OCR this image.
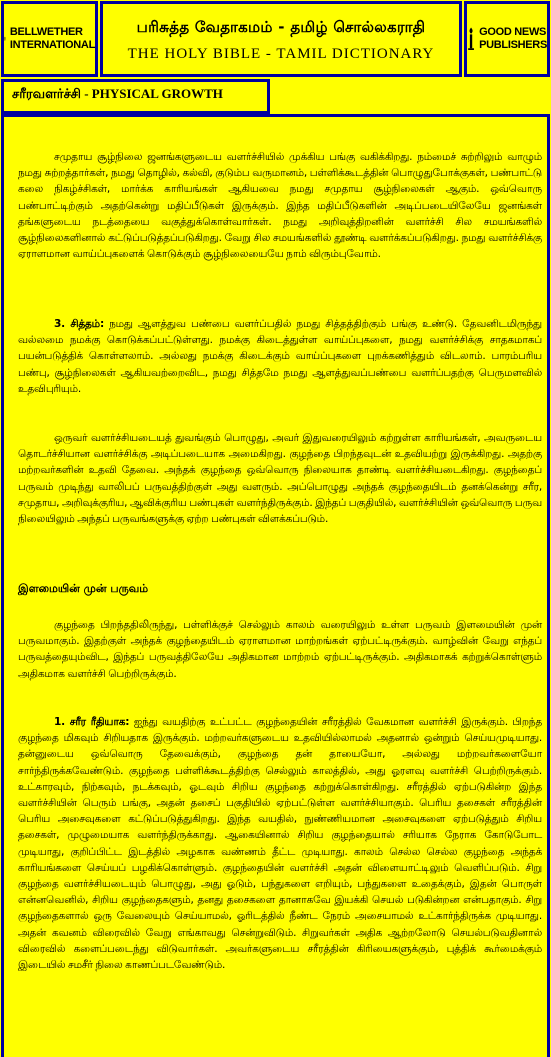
BELLWETHER
INTERNATIONAL
பரிசுத்த வேதாகமம் - தமிழ் சொல்லகராதி
THE HOLY BIBLE - TAMIL DICTIONARY
GOOD NEWS
PUBLISHERS
சரீரவளர்ச்சி - PHYSICAL GROWTH
சமுதாய சூழ்நிலை ஜனங்களுடைய வளர்ச்சியில் முக்கிய பங்கு வகிக்கிறது. நம்மைச் சுற்றிலும் வாழும் நமது சுற்றத்தார்கள், நமது தொழில், கல்வி, குடும்ப வருமானம், பள்ளிக்கூடத்தின் பொழுதுபோக்குகள், பண்பாட்டு கலை நிகழ்ச்சிகள், மார்க்க காரியங்கள் ஆகியவை நமது சமுதாய சூழ்நிலைகள் ஆகும். ஒவ்வொரு பண்பாட்டிற்கும் அதற்கென்று மதிப்பீடுகள் இருக்கும். இந்த மதிப்பீடுகளின் அடிப்படையிலேயே ஜனங்கள் தங்களுடைய நடத்தையை வகுத்துக்கொள்வார்கள். நமது அறிவுத்திறனின் வளர்ச்சி சில சமயங்களில் சூழ்நிலைகளினால் கட்டுப்படுத்தப்படுகிறது. வேறு சில சமயங்களில் தூண்டி வளர்க்கப்படுகிறது. நமது வளர்ச்சிக்கு ஏராளமான வாய்ப்புகளைக் கொடுக்கும் சூழ்நிலையையே நாம் விரும்புவோம்.
3. சித்தம்: நமது ஆளத்துவ பண்பை வளர்ப்பதில் நமது சித்தத்திற்கும் பங்கு உண்டு. தேவனிடமிருந்து வல்லமை நமக்கு கொடுக்கப்பட்டுள்ளது. நமக்கு கிடைத்துள்ள வாய்ப்புகளை, நமது வளர்ச்சிக்கு சாதகமாகப் பயன்படுத்திக் கொள்ளலாம். அல்லது நமக்கு கிடைக்கும் வாய்ப்புகளை புறக்கணித்தும் விடலாம். பாரம்பரிய பண்பு, சூழ்நிலைகள் ஆகியவற்றைவிட, நமது சித்தமே நமது ஆளத்துவப்பண்பை வளர்ப்பதற்கு பெருமளவில் உதவிபுரியும்.
ஒருவர் வளர்ச்சியடையத் துவங்கும் பொழுது, அவர் இதுவரையிலும் கற்றுள்ள காரியங்கள், அவருடைய தொடர்ச்சியான வளர்ச்சிக்கு அடிப்படையாக அமைகிறது. குழந்தை பிறந்தவுடன் உதவியற்று இருக்கிறது. அதற்கு மற்றவர்களின் உதவி தேவை. அந்தக் குழந்தை ஒவ்வொரு நிலையாக தாண்டி வளர்ச்சியடைகிறது. குழந்தைப் பருவம் முடிந்து வாலிபப் பருவத்திற்குள் அது வளரும். அப்பொழுது அந்தக் குழந்தையிடம் தனக்கென்று சரீர, சமுதாய, அறிவுக்குரிய, ஆவிக்குரிய பண்புகள் வளர்ந்திருக்கும். இந்தப் பகுதியில், வளர்ச்சியின் ஒவ்வொரு பருவ நிலையிலும் அந்தப் பருவங்களுக்கு ஏற்ற பண்புகள் விளக்கப்படும்.
இளமையின் முன் பருவம்
குழந்தை பிறந்ததிலிருந்து, பள்ளிக்குச் செல்லும் காலம் வரையிலும் உள்ள பருவம் இளமையின் முன் பருவமாகும். இதற்குள் அந்தக் குழந்தையிடம் ஏராளமான மாற்றங்கள் ஏற்பட்டிருக்கும். வாழ்வின் வேறு எந்தப் பருவத்தையும்விட, இந்தப் பருவத்திலேயே அதிகமான மாற்றம் ஏற்பட்டிருக்கும். அதிகமாகக் கற்றுக்கொள்ளும் அதிகமாக வளர்ச்சி பெற்றிருக்கும்.
1. சரீர ரீதியாக: ஐந்து வயதிற்கு உட்பட்ட குழந்தையின் சரீரத்தில் வேகமான வளர்ச்சி இருக்கும். பிறந்த குழந்தை மிகவும் சிறியதாக இருக்கும். மற்றவர்களுடைய உதவியில்லாமல் அதனால் ஒன்றும் செய்யமுடியாது. தன்னுடைய ஒவ்வொரு தேவைக்கும், குழந்தை தன் தாயையோ, அல்லது மற்றவர்களையோ சார்ந்திருக்கவேண்டும். குழந்தை பள்ளிக்கூடத்திற்கு செல்லும் காலத்தில், அது ஓரளவு வளர்ச்சி பெற்றிருக்கும். உட்காரவும், நிற்கவும், நடக்கவும், ஓடவும் சிறிய குழந்தை கற்றுக்கொள்கிறது. சரீரத்தில் ஏற்படுகின்ற இந்த வளர்ச்சியின் பெரும் பங்கு, அதன் தசைப் பகுதியில் ஏற்பட்டுள்ள வளர்ச்சியாகும். பெரிய தசைகள் சரீரத்தின் பெரிய அசைவுகளை கட்டுப்படுத்துகிறது. இந்த வயதில், நுண்ணியமான அசைவுகளை ஏற்படுத்தும் சிறிய தசைகள், முழுமையாக வளர்ந்திருக்காது. ஆகையினால் சிறிய குழந்தையால் சரியாக நேராக கோடுபோட முடியாது, குறிப்பிட்ட இடத்தில் அழகாக வண்ணம் தீட்ட முடியாது. காலம் செல்ல செல்ல குழந்தை அந்தக் காரியங்களை செய்யப் பழகிக்கொள்ளும். குழந்தையின் வளர்ச்சி அதன் விளையாட்டிலும் வெளிப்படும். சிறு குழந்தை வளர்ச்சியடையும் பொழுது, அது ஓடும், பந்துகளை எறியும், பந்துகளை உதைக்கும், இதன் பொருள் என்னவெனில், சிறிய குழந்தைகளும், தனது தசைகளை தானாகவே இயக்கி செயல் படுகின்றன என்பதாகும். சிறு குழந்தைகளால் ஒரு வேலையும் செய்யாமல், ஓரிடத்தில் நீண்ட நேரம் அசையாமல் உட்கார்ந்திருக்க முடியாது. அதன் கவனம் விரைவில் வேறு எங்காவது சென்றுவிடும். சிறுவர்கள் அதிக ஆற்றலோடு செயல்படுவதினால் விரைவில் களைப்படைந்து விடுவார்கள். அவர்களுடைய சரீரத்தின் கிரியைகளுக்கும், புத்திக் கூர்மைக்கும் இடையில் சமசீர் நிலை காணப்படவேண்டும்.
